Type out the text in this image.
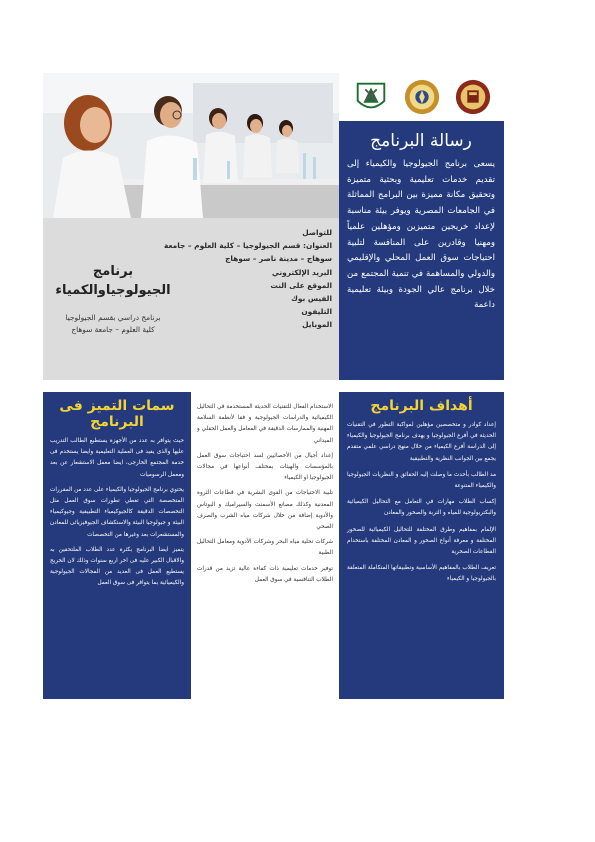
رسالة البرنامج

يسعى برنامج الجيولوجيا والكيمياء إلى تقديم خدمات تعليمية وبحثية متميزة وتحقيق مكانة مميزة بين البرامج المماثلة في الجامعات المصرية ويوفر بيئة مناسبة لإعداد خريجين متميزين ومؤهلين علمياً ومهنيا وقادرين على المنافسة لتلبية احتياجات سوق العمل المحلي والإقليمي والدولي والمساهمة في تنمية المجتمع من خلال برنامج عالي الجودة وبيئة تعليمية داعمة

للتواصل
العنوان: قسم الجيولوجيا – كلية العلوم – جامعة
سوهاج – مدينة ناصر – سوهاج
البريد الإلكتروني
الموقع على النت
الفيس بوك
التليفون
الموبايل
برنامج
الجيولوجياوالكمياء
برنامج دراسي بقسم الجيولوجيا
كلية العلوم – جامعة سوهاج
أهداف البرنامج

إعداد كوادر و متخصصين مؤهلين لمواكبة التطور في التقنيات الحديثة في أفرع الجيولوجيا و يهدف برنامج الجيولوجيا والكيمياء إلى الدراسة أفرع الكيمياء من خلال منهج دراسي علمي متقدم يجمع بين الجوانب النظرية والتطبيقية

مد الطالب بأحدث ما وصلت إليه الحقائق و النظريات الجيولوجيا والكيمياء المتنوعة

إكساب الطلاب مهارات في التعامل مع التحاليل الكيميائية والبكتريولوجية للمياه و التربة والصخور والمعادن

الإلمام بمفاهيم وطرق المختلفة للتحاليل الكيميائية للصخور المختلفة و معرفة أنواع الصخور و المعادن المختلفة باستخدام القطاعات الصخرية

تعريف الطلاب بالمفاهيم الأساسية وتطبيقاتها المتكاملة المتعلقة بالجيولوجيا و الكيمياء

الاستخدام الفعال للتقنيات الحديثة المستخدمة في التحاليل الكيميائية والدراسات الجيولوجية و فقا لأنظمة السلامة المهنية والممارسات الدقيقة في المعامل والعمل الحقلي و الميداني

إعداد أجيال من الأخصائيين لسد احتياجات سوق العمل بالمؤسسات والهيئات بمختلف أنواعها في مجالات الجيولوجيا او الكيمياء

تلبية الاحتياجات من القوى البشرية في قطاعات الثروة المعدنية وكذلك مصانع الأسمنت والسيراميك و البوتاس والأدوية إضافة من خلال شركات مياه الشرب والصرف الصحي

شركات تحلية مياه البحر وشركات الأدوية ومعامل التحاليل الطبية

توفير خدمات تعليمية ذات كفاءة عالية تزيد من قدرات الطلاب التنافسية في سوق العمل

سمات التميز فى البرنامج

حيث يتوافر به عدد من الأجهزة يستطيع الطالب التدريب عليها والذى يفيد فى العملية التعليمية وايضا يستخدم فى خدمة المجتمع الخارجى، ايضا معمل الاستشعار عن بعد ومعمل الرسوميات

يحتوي برنامج الجيولوجيا والكيمياء على عدد من المقررات المتخصصة التي تغطي تطورات سوق العمل مثل التخصصات الدقيقة كالجيوكيمياء التطبيقية وجيوكيمياء البيئة و جيولوجيا البيئة والاستكشاف الجيوفيزيائى للمعادن والمستشعرات بعد وغيرها من التخصصات

يتميز ايضا البرنامج بكثرة عدد الطلاب الملتحقين به والاقبال الكبير عليه فى اخر اربع سنوات وذلك لان الخريج يستطيع العمل فى العديد من المجالات الجيولوجية والكيميائية بما يتوافر فى سوق العمل
